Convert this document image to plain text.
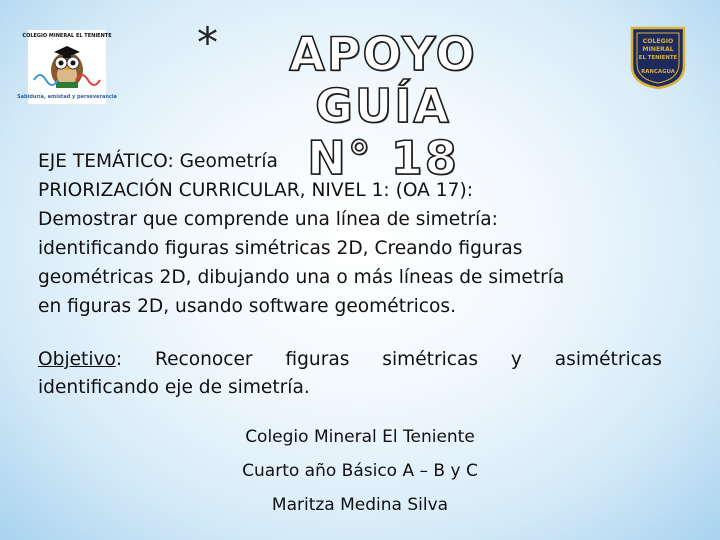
COLEGIO MINERAL EL TENIENTE
Sabiduría, amistad y perseverancia
*	APOYO GUÍA
N° 18
COLEGIO
MINERAL
EL TENIENTE
RANCAGUA
EJE TEMÁTICO: Geometría
PRIORIZACIÓN CURRICULAR, NIVEL 1: (OA 17):
Demostrar que comprende una línea de simetría:
identificando figuras simétricas 2D, Creando figuras
geométricas 2D, dibujando una o más líneas de simetría
en figuras 2D, usando software geométricos.
Objetivo: Reconocer figuras simétricas y asimétricas
identificando eje de simetría.
Colegio Mineral El Teniente
Cuarto año Básico A – B y C
Maritza Medina Silva
